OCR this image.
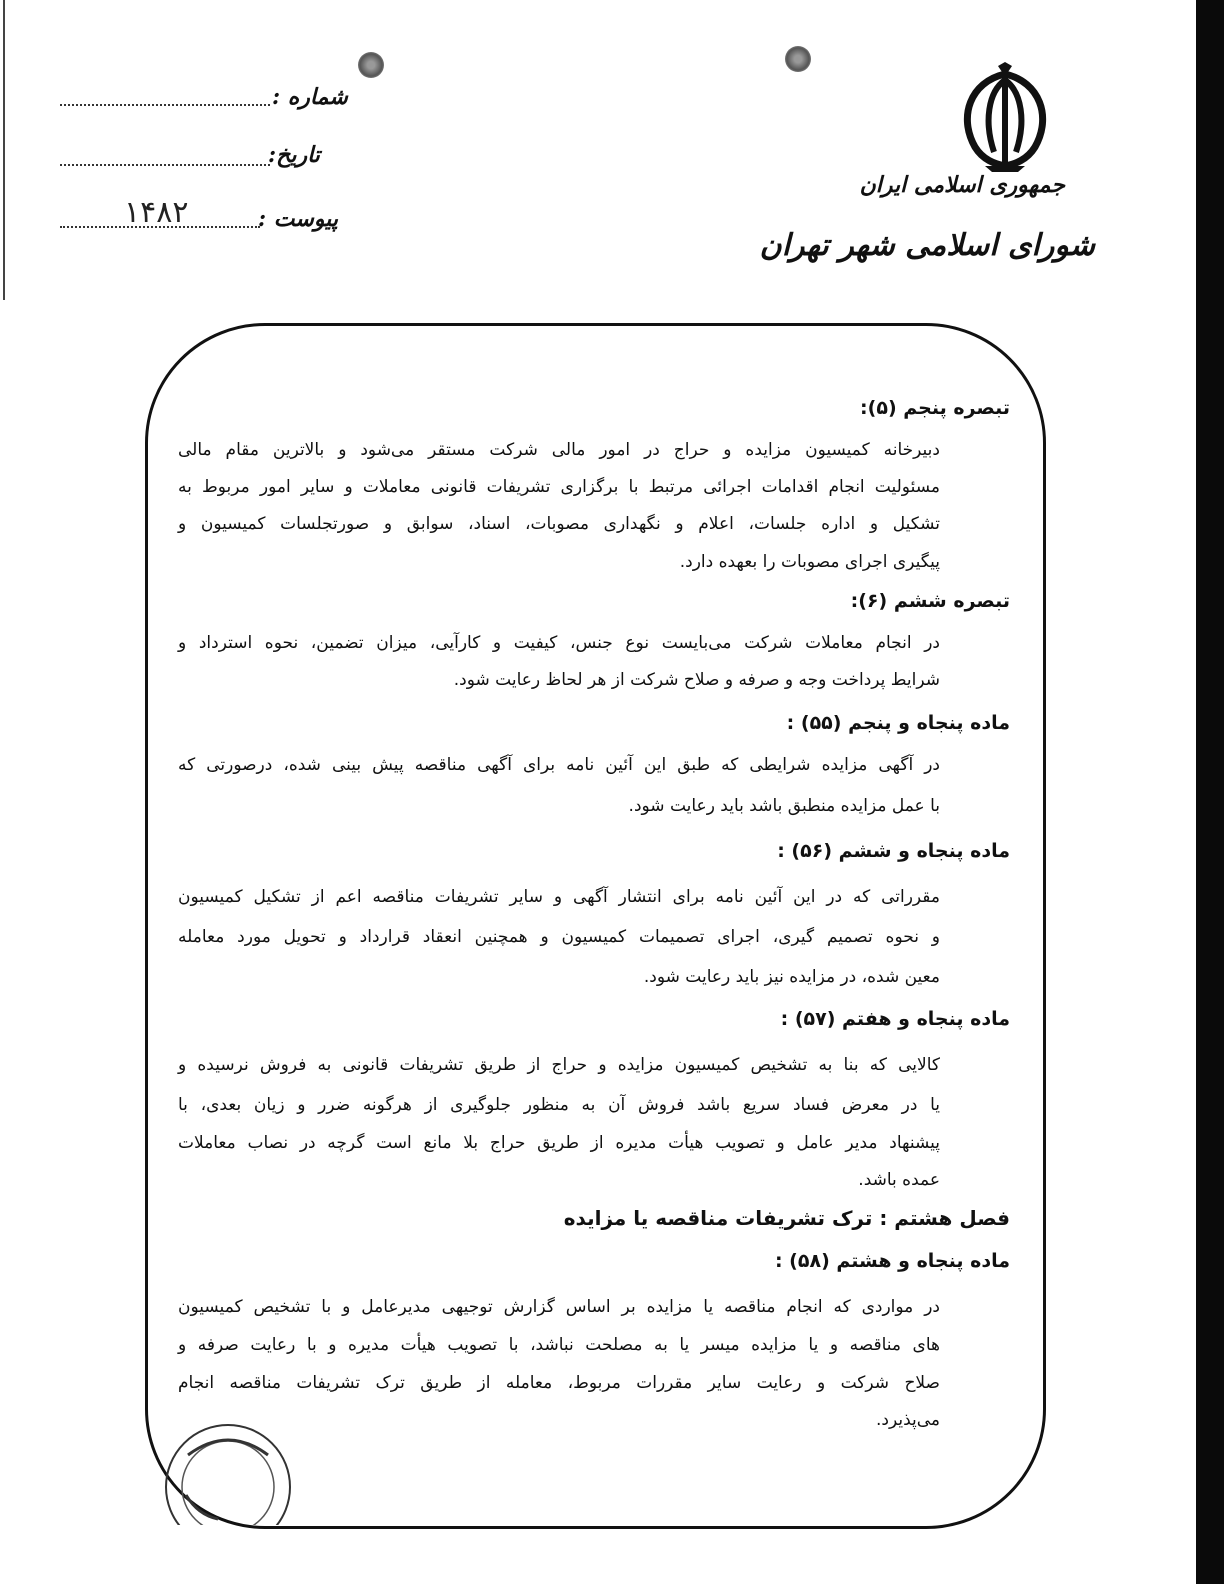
شماره :
تاریخ:
پیوست :
۱۴۸۲
جمهوری اسلامی ایران
شورای اسلامی شهر تهران
تبصره پنجم (۵):
دبیرخانه کمیسیون مزایده و حراج در امور مالی شرکت مستقر می‌شود و بالاترین مقام مالی
مسئولیت انجام اقدامات اجرائی مرتبط با برگزاری تشریفات قانونی معاملات و سایر امور مربوط به
تشکیل و اداره جلسات، اعلام و نگهداری مصوبات، اسناد، سوابق و صورتجلسات کمیسیون و
پیگیری اجرای مصوبات را بعهده دارد.
تبصره ششم (۶):
در انجام معاملات شرکت می‌بایست نوع جنس، کیفیت و کارآیی، میزان تضمین، نحوه استرداد و
شرایط پرداخت وجه و صرفه و صلاح شرکت از هر لحاظ رعایت شود.
ماده پنجاه و پنجم (۵۵) :
در آگهی مزایده شرایطی که طبق این آئین نامه برای آگهی مناقصه پیش بینی شده، درصورتی که
با عمل مزایده منطبق باشد باید رعایت شود.
ماده پنجاه و ششم (۵۶) :
مقرراتی که در این آئین نامه برای انتشار آگهی و سایر تشریفات مناقصه اعم از تشکیل کمیسیون
و نحوه تصمیم گیری، اجرای تصمیمات کمیسیون و همچنین انعقاد قرارداد و تحویل مورد معامله
معین شده، در مزایده نیز باید رعایت شود.
ماده پنجاه و هفتم (۵۷) :
کالایی که بنا به تشخیص کمیسیون مزایده و حراج از طریق تشریفات قانونی به فروش نرسیده و
یا در معرض فساد سریع باشد فروش آن به منظور جلوگیری از هرگونه ضرر و زیان بعدی، با
پیشنهاد مدیر عامل و تصویب هیأت مدیره از طریق حراج بلا مانع است گرچه در نصاب معاملات
عمده باشد.
فصل هشتم : ترک تشریفات مناقصه یا مزایده
ماده پنجاه و هشتم (۵۸) :
در مواردی که انجام مناقصه یا مزایده بر اساس گزارش توجیهی مدیرعامل و با تشخیص کمیسیون
های مناقصه و یا مزایده میسر یا به مصلحت نباشد، با تصویب هیأت مدیره و با رعایت صرفه و
صلاح شرکت و رعایت سایر مقررات مربوط، معامله از طریق ترک تشریفات مناقصه انجام
می‌پذیرد.
